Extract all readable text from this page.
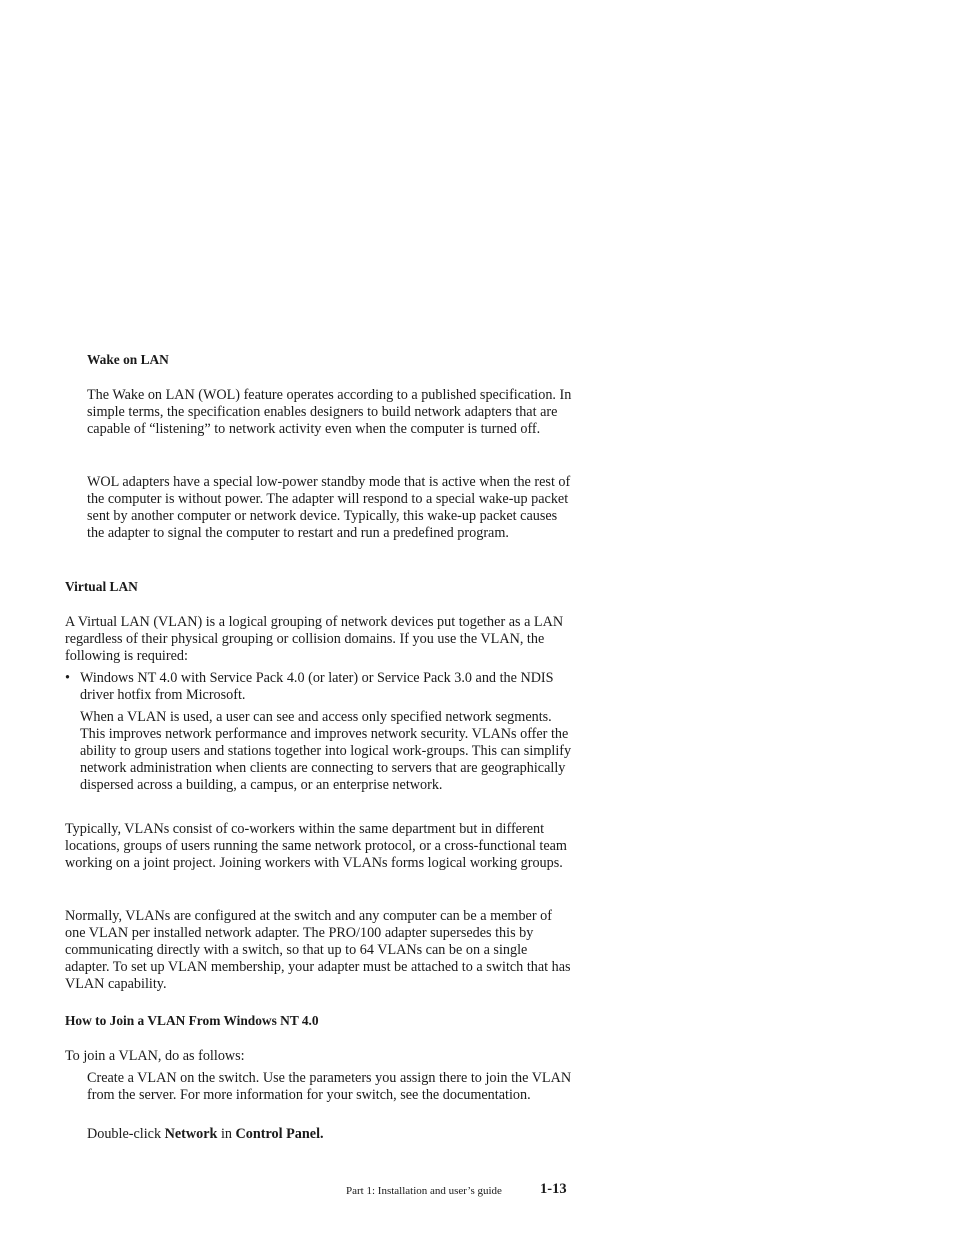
Wake on LAN

The Wake on LAN (WOL) feature operates according to a published specification. In simple terms, the specification enables designers to build network adapters that are capable of “listening” to network activity even when the computer is turned off.

WOL adapters have a special low-power standby mode that is active when the rest of the computer is without power. The adapter will respond to a special wake-up packet sent by another computer or network device. Typically, this wake-up packet causes the adapter to signal the computer to restart and run a predefined program.

Virtual LAN

A Virtual LAN (VLAN) is a logical grouping of network devices put together as a LAN regardless of their physical grouping or collision domains. If you use the VLAN, the following is required:

• Windows NT 4.0 with Service Pack 4.0 (or later) or Service Pack 3.0 and the NDIS driver hotfix from Microsoft.

When a VLAN is used, a user can see and access only specified network segments. This improves network performance and improves network security. VLANs offer the ability to group users and stations together into logical work-groups. This can simplify network administration when clients are connecting to servers that are geographically dispersed across a building, a campus, or an enterprise network.

Typically, VLANs consist of co-workers within the same department but in different locations, groups of users running the same network protocol, or a cross-functional team working on a joint project. Joining workers with VLANs forms logical working groups.

Normally, VLANs are configured at the switch and any computer can be a member of one VLAN per installed network adapter. The PRO/100 adapter supersedes this by communicating directly with a switch, so that up to 64 VLANs can be on a single adapter. To set up VLAN membership, your adapter must be attached to a switch that has VLAN capability.

How to Join a VLAN From Windows NT 4.0

To join a VLAN, do as follows:

Create a VLAN on the switch. Use the parameters you assign there to join the VLAN from the server. For more information for your switch, see the documentation.

Double-click Network in Control Panel.

Part 1: Installation and user’s guide	1-13
